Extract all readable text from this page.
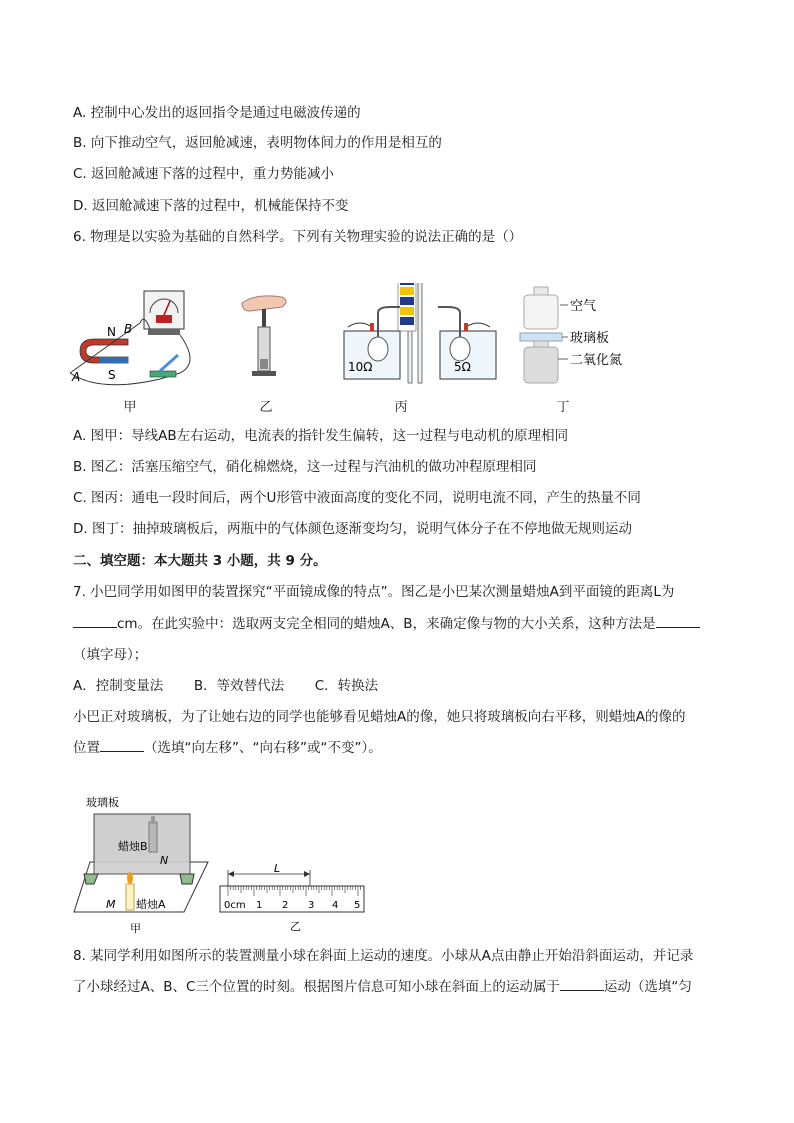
A. 控制中心发出的返回指令是通过电磁波传递的
B. 向下推动空气，返回舱减速，表明物体间力的作用是相互的
C. 返回舱减速下落的过程中，重力势能减小
D. 返回舱减速下落的过程中，机械能保持不变
6. 物理是以实验为基础的自然科学。下列有关物理实验的说法正确的是（）
N B
A S
10Ω	5Ω
空气
玻璃板
二氧化氮
甲	乙	丙	丁
A. 图甲：导线AB左右运动，电流表的指针发生偏转，这一过程与电动机的原理相同
B. 图乙：活塞压缩空气，硝化棉燃烧，这一过程与汽油机的做功冲程原理相同
C. 图丙：通电一段时间后，两个U形管中液面高度的变化不同，说明电流不同，产生的热量不同
D. 图丁：抽掉玻璃板后，两瓶中的气体颜色逐渐变均匀，说明气体分子在不停地做无规则运动
二、填空题：本大题共 3 小题，共 9 分。
7. 小巴同学用如图甲的装置探究“平面镜成像的特点”。图乙是小巴某次测量蜡烛A到平面镜的距离L为
cm。在此实验中：选取两支完全相同的蜡烛A、B，来确定像与物的大小关系，这种方法是
（填字母）；
A．控制变量法 B．等效替代法 C．转换法
小巴正对玻璃板，为了让她右边的同学也能够看见蜡烛A的像，她只将玻璃板向右平移，则蜡烛A的像的
位置	（选填“向左移”、“向右移”或“不变”）。
玻璃板
蜡烛B
N
M 蜡烛A
甲
L
0cm 1 2 3 4 5
乙
8. 某同学利用如图所示的装置测量小球在斜面上运动的速度。小球从A点由静止开始沿斜面运动，并记录
了小球经过A、B、C三个位置的时刻。根据图片信息可知小球在斜面上的运动属于	运动（选填“匀
